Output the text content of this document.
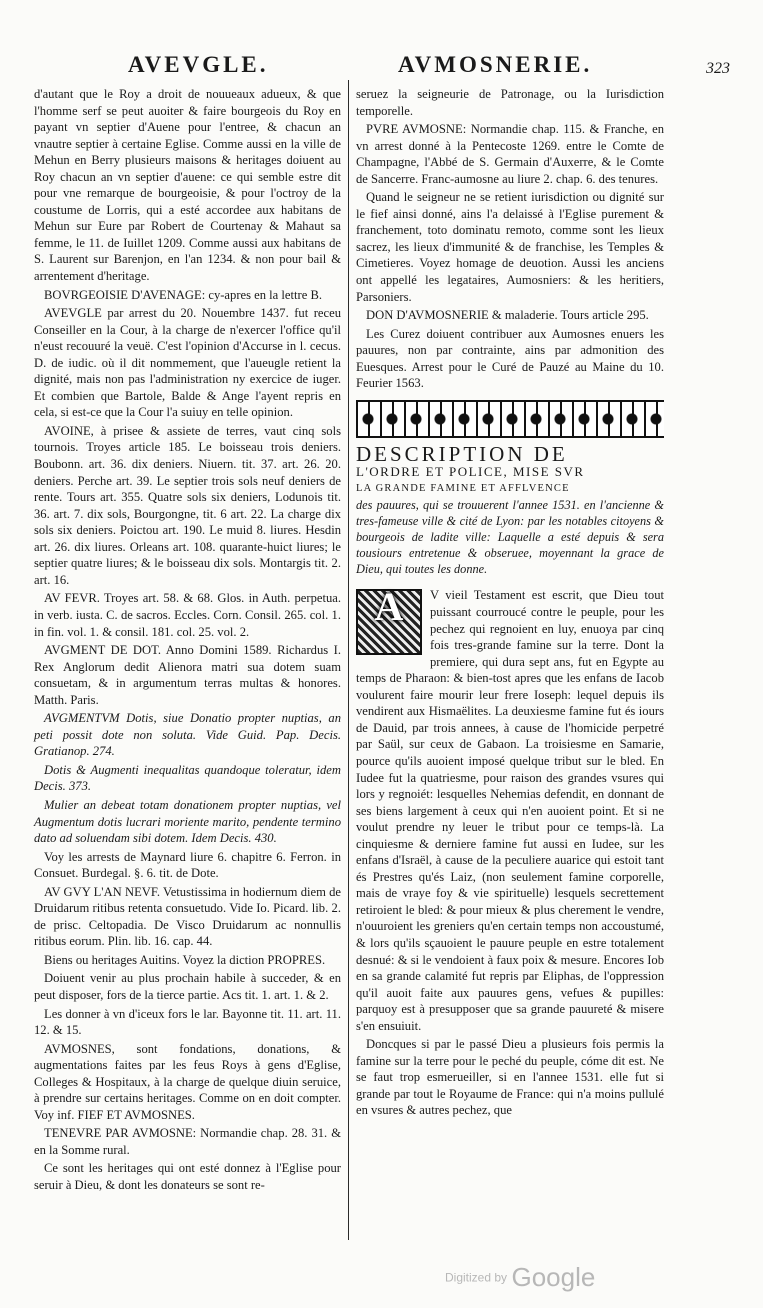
AVEVGLE.	AVMOSNERIE.	323

d'autant que le Roy a droit de nouueaux adueux, & que l'homme serf se peut auoiter & faire bourgeois du Roy en payant vn septier d'Auene pour l'entree, & chacun an vnautre septier à certaine Eglise. Comme aussi en la ville de Mehun en Berry plusieurs maisons & heritages doiuent au Roy chacun an vn septier d'auene: ce qui semble estre dit pour vne remarque de bourgeoisie, & pour l'octroy de la coustume de Lorris, qui a esté accordee aux habitans de Mehun sur Eure par Robert de Courtenay & Mahaut sa femme, le 11. de Iuillet 1209. Comme aussi aux habitans de S. Laurent sur Barenjon, en l'an 1234. & non pour bail & arrentement d'heritage.

BOVRGEOISIE D'AVENAGE: cy-apres en la lettre B.

AVEVGLE par arrest du 20. Nouembre 1437. fut receu Conseiller en la Cour, à la charge de n'exercer l'office qu'il n'eust recouuré la veuë. C'est l'opinion d'Accurse in l. cecus. D. de iudic. où il dit nommement, que l'aueugle retient la dignité, mais non pas l'administration ny exercice de iuger. Et combien que Bartole, Balde & Ange l'ayent repris en cela, si est-ce que la Cour l'a suiuy en telle opinion.

AVOINE, à prisee & assiete de terres, vaut cinq sols tournois. Troyes article 185. Le boisseau trois deniers. Boubonn. art. 36. dix deniers. Niuern. tit. 37. art. 26. 20. deniers. Perche art. 39. Le septier trois sols neuf deniers de rente. Tours art. 355. Quatre sols six deniers, Lodunois tit. 36. art. 7. dix sols, Bourgongne, tit. 6 art. 22. La charge dix sols six deniers. Poictou art. 190. Le muid 8. liures. Hesdin art. 26. dix liures. Orleans art. 108. quarante-huict liures; le septier quatre liures; & le boisseau dix sols. Montargis tit. 2. art. 16.

AV FEVR. Troyes art. 58. & 68. Glos. in Auth. perpetua. in verb. iusta. C. de sacros. Eccles. Corn. Consil. 265. col. 1. in fin. vol. 1. & consil. 181. col. 25. vol. 2.

AVGMENT DE DOT. Anno Domini 1589. Richardus I. Rex Anglorum dedit Alienora matri sua dotem suam consuetam, & in argumentum terras multas & honores. Matth. Paris.

AVGMENTVM Dotis, siue Donatio propter nuptias, an peti possit dote non soluta. Vide Guid. Pap. Decis. Gratianop. 274.

Dotis & Augmenti inequalitas quandoque toleratur, idem Decis. 373.

Mulier an debeat totam donationem propter nuptias, vel Augmentum dotis lucrari moriente marito, pendente termino dato ad soluendam sibi dotem. Idem Decis. 430.

Voy les arrests de Maynard liure 6. chapitre 6. Ferron. in Consuet. Burdegal. §. 6. tit. de Dote.

AV GVY L'AN NEVF. Vetustissima in hodiernum diem de Druidarum ritibus retenta consuetudo. Vide Io. Picard. lib. 2. de prisc. Celtopadia. De Visco Druidarum ac nonnullis ritibus eorum. Plin. lib. 16. cap. 44.

Biens ou heritages Auitins. Voyez la diction PROPRES.

Doiuent venir au plus prochain habile à succeder, & en peut disposer, fors de la tierce partie. Acs tit. 1. art. 1. & 2.

Les donner à vn d'iceux fors le lar. Bayonne tit. 11. art. 11. 12. & 15.

AVMOSNES, sont fondations, donations, & augmentations faites par les feus Roys à gens d'Eglise, Colleges & Hospitaux, à la charge de quelque diuin seruice, à prendre sur certains heritages. Comme on en doit compter. Voy inf. FIEF ET AVMOSNES.

TENEVRE PAR AVMOSNE: Normandie chap. 28. 31. & en la Somme rural.

Ce sont les heritages qui ont esté donnez à l'Eglise pour seruir à Dieu, & dont les donateurs se sont re-

seruez la seigneurie de Patronage, ou la Iurisdiction temporelle.

PVRE AVMOSNE: Normandie chap. 115. & Franche, en vn arrest donné à la Pentecoste 1269. entre le Comte de Champagne, l'Abbé de S. Germain d'Auxerre, & le Comte de Sancerre. Franc-aumosne au liure 2. chap. 6. des tenures.

Quand le seigneur ne se retient iurisdiction ou dignité sur le fief ainsi donné, ains l'a delaissé à l'Eglise purement & franchement, toto dominatu remoto, comme sont les lieux sacrez, les lieux d'immunité & de franchise, les Temples & Cimetieres. Voyez homage de deuotion. Aussi les anciens ont appellé les legataires, Aumosniers: & les heritiers, Parsoniers.

DON D'AVMOSNERIE & maladerie. Tours article 295.

Les Curez doiuent contribuer aux Aumosnes enuers les pauures, non par contrainte, ains par admonition des Euesques. Arrest pour le Curé de Pauzé au Maine du 10. Feurier 1563.

DESCRIPTION DE
L'ORDRE ET POLICE, MISE SVR
LA GRANDE FAMINE ET AFFLVENCE
des pauures, qui se trouuerent l'annee 1531. en l'ancienne & tres-fameuse ville & cité de Lyon: par les notables citoyens & bourgeois de ladite ville: Laquelle a esté depuis & sera tousiours entretenue & obseruee, moyennant la grace de Dieu, qui toutes les donne.
A	V vieil Testament est escrit, que Dieu tout puissant courroucé contre le peuple, pour les pechez qui regnoient en luy, enuoya par cinq fois tres-grande famine sur la terre. Dont la premiere, qui dura sept ans, fut en Egypte au temps de Pharaon: & bien-tost apres que les enfans de Iacob voulurent faire mourir leur frere Ioseph: lequel depuis ils vendirent aux Hismaëlites. La deuxiesme famine fut és iours de Dauid, par trois annees, à cause de l'homicide perpetré par Saül, sur ceux de Gabaon. La troisiesme en Samarie, pource qu'ils auoient imposé quelque tribut sur le bled. En Iudee fut la quatriesme, pour raison des grandes vsures qui lors y regnoiét: lesquelles Nehemias defendit, en donnant de ses biens largement à ceux qui n'en auoient point. Et si ne voulut prendre ny leuer le tribut pour ce temps-là. La cinquiesme & derniere famine fut aussi en Iudee, sur les enfans d'Israël, à cause de la peculiere auarice qui estoit tant és Prestres qu'és Laiz, (non seulement famine corporelle, mais de vraye foy & vie spirituelle) lesquels secrettement retiroient le bled: & pour mieux & plus cherement le vendre, n'ouuroient les greniers qu'en certain temps non accoustumé, & lors qu'ils sçauoient le pauure peuple en estre totalement desnué: & si le vendoient à faux poix & mesure. Encores Iob en sa grande calamité fut repris par Eliphas, de l'oppression qu'il auoit faite aux pauures gens, vefues & pupilles: parquoy est à presupposer que sa grande pauureté & misere s'en ensuiuit.

Doncques si par le passé Dieu a plusieurs fois permis la famine sur la terre pour le peché du peuple, cóme dit est. Ne se faut trop esmerueiller, si en l'annee 1531. elle fut si grande par tout le Royaume de France: qui n'a moins pullulé en vsures & autres pechez, que

Digitized by Google
